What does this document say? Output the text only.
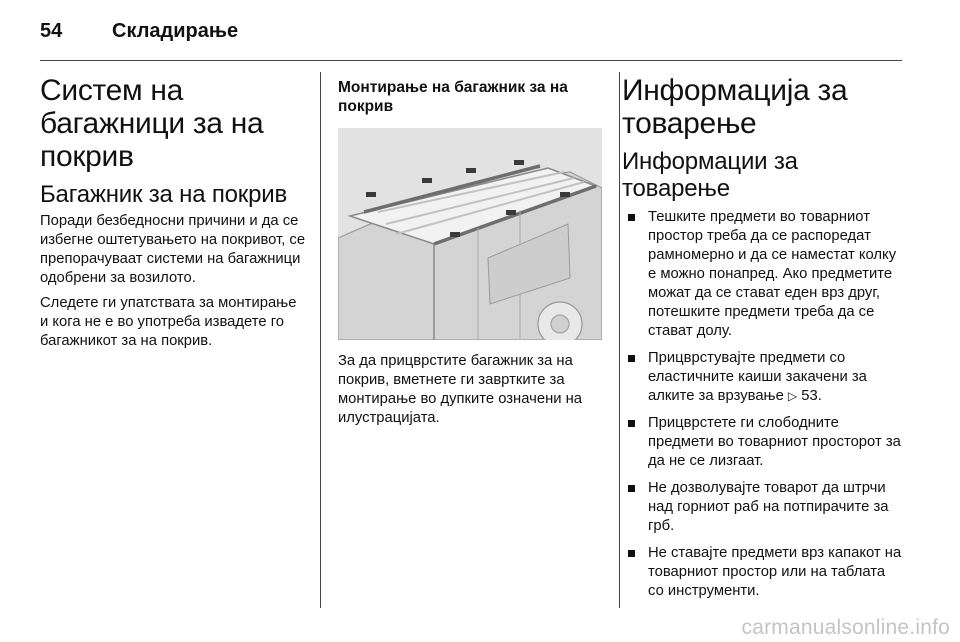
54	Складирање
Систем на багажници за на покрив
Багажник за на покрив

Поради безбедносни причини и да се избегне оштетувањето на покривот, се препорачуваат системи на багажници одобрени за возилото.

Следете ги упатствата за монтирање и кога не е во употреба извадете го багажникот за на покрив.

Монтирање на багажник за на покрив

За да прицврстите багажник за на покрив, вметнете ги завртките за монтирање во дупките означени на илустрацијата.

Информација за товарење
Информации за товарење
Тешките предмети во товарниот простор треба да се распоредат рамномерно и да се наместат колку е можно понапред. Ако предметите можат да се стават еден врз друг, потешките предмети треба да се стават долу.
Прицврстувајте предмети со еластичните каиши закачени за алките за врзување ▷ 53.
Прицврстете ги слободните предмети во товарниот просторот за да не се лизгаат.
Не дозволувајте товарот да штрчи над горниот раб на потпирачите за грб.
Не ставајте предмети врз капакот на товарниот простор или на таблата со инструменти.
carmanualsonline.info
